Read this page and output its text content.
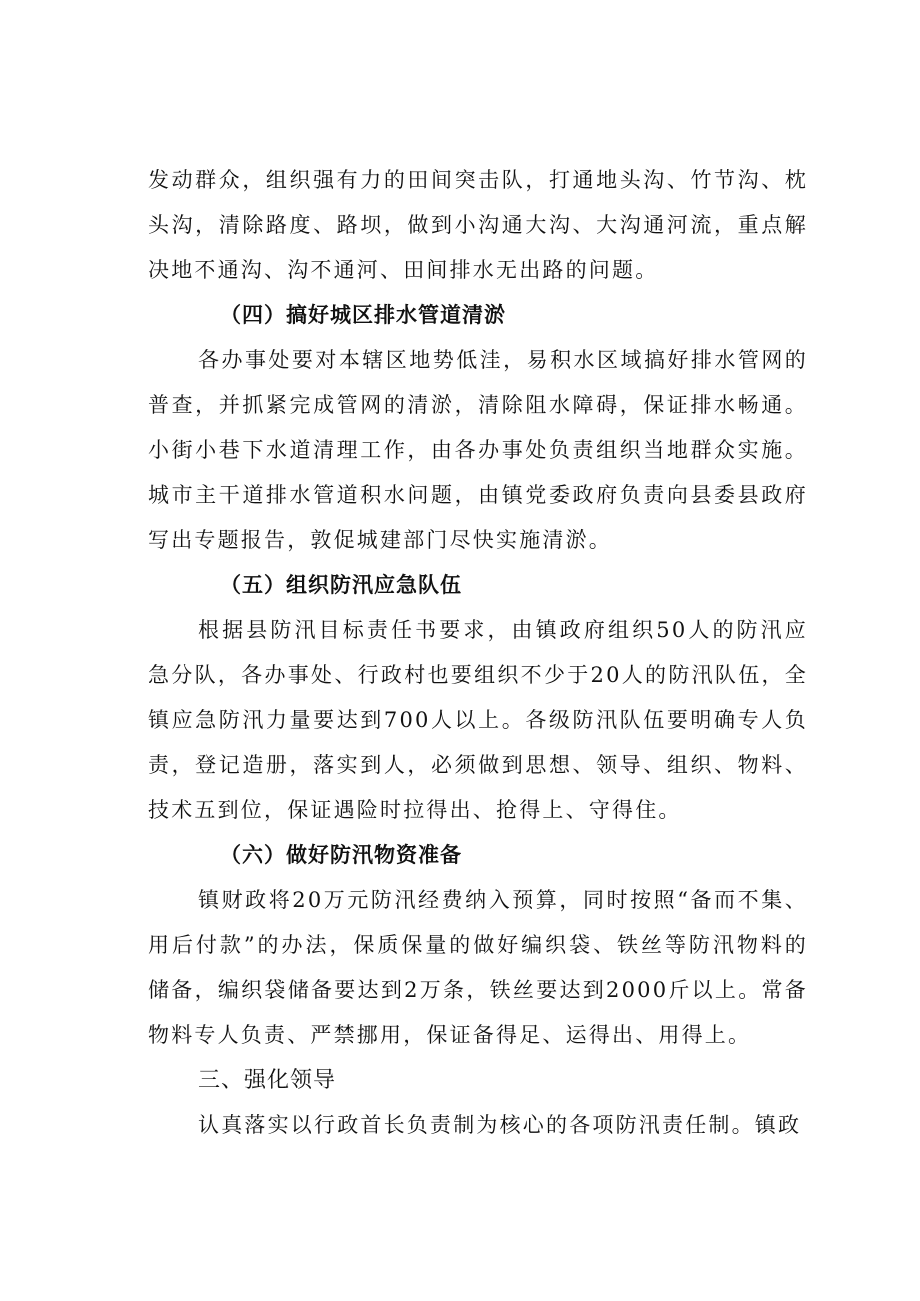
发动群众，组织强有力的田间突击队，打通地头沟、竹节沟、枕头沟，清除路度、路坝，做到小沟通大沟、大沟通河流，重点解决地不通沟、沟不通河、田间排水无出路的问题。

（四）搞好城区排水管道清淤

各办事处要对本辖区地势低洼，易积水区域搞好排水管网的普查，并抓紧完成管网的清淤，清除阻水障碍，保证排水畅通。小街小巷下水道清理工作，由各办事处负责组织当地群众实施。城市主干道排水管道积水问题，由镇党委政府负责向县委县政府写出专题报告，敦促城建部门尽快实施清淤。

（五）组织防汛应急队伍

根据县防汛目标责任书要求，由镇政府组织50人的防汛应急分队，各办事处、行政村也要组织不少于20人的防汛队伍，全镇应急防汛力量要达到700人以上。各级防汛队伍要明确专人负责，登记造册，落实到人，必须做到思想、领导、组织、物料、技术五到位，保证遇险时拉得出、抢得上、守得住。

（六）做好防汛物资准备

镇财政将20万元防汛经费纳入预算，同时按照“备而不集、用后付款”的办法，保质保量的做好编织袋、铁丝等防汛物料的储备，编织袋储备要达到2万条，铁丝要达到2000斤以上。常备物料专人负责、严禁挪用，保证备得足、运得出、用得上。

三、强化领导

认真落实以行政首长负责制为核心的各项防汛责任制。镇政
